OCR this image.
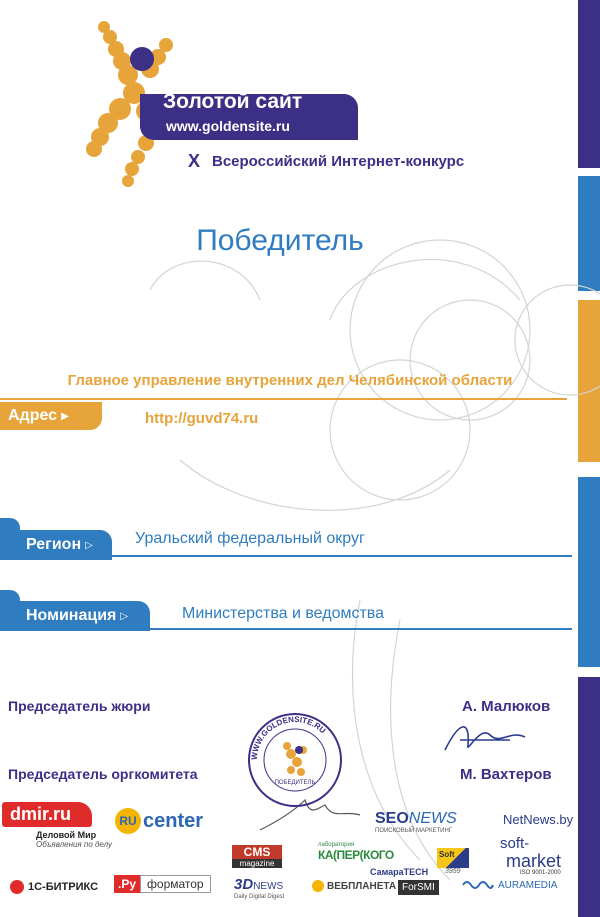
Золотой сайт
www.goldensite.ru
X Всероссийский Интернет-конкурс
Победитель
Главное управление внутренних дел Челябинской области
Адрес ▶	http://guvd74.ru
Регион ▷	Уральский федеральный округ
Номинация ▷	Министерства и ведомства
Председатель жюри	А. Малюков
Председатель оргкомитета	М. Вахтеров
WWW.GOLDENSITE.RU
ПОБЕДИТЕЛЬ
dmir.ru
Деловой Мир
Объявления по делу
RU center	SEONEWS
ПОИСКОВЫЙ МАРКЕТИНГ
NetNews.by
CMS
magazine
лаборатория
КА(ПЕР(КОГО
СамараТЕСН
Soft
3959
soft-
market
ISO 9001-2000
1С-БИТРИКС	.Ру форматор	3DNEWS
Daily Digital Digest
ВЕБПЛАНЕТА ForSMI	AURAMEDIA
